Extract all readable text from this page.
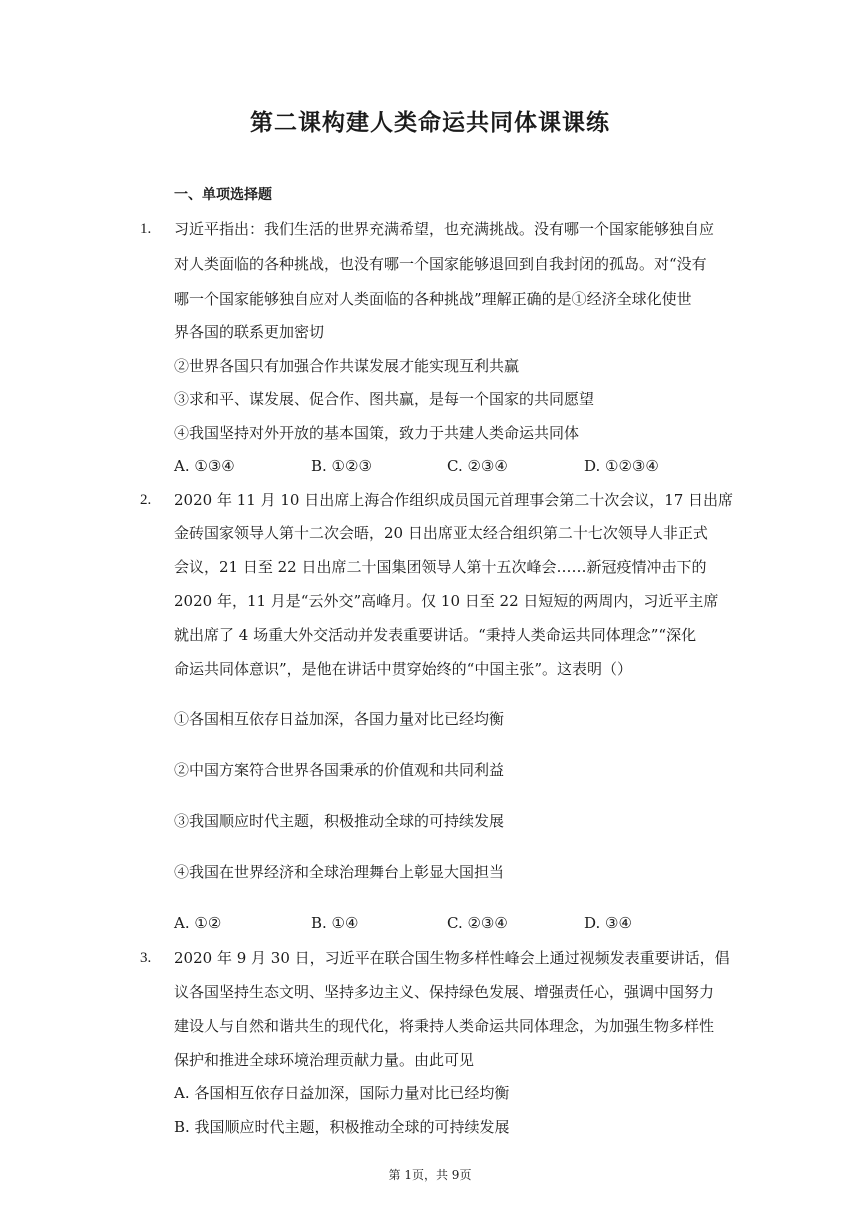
第二课构建人类命运共同体课课练
一、单项选择题
1. 习近平指出：我们生活的世界充满希望，也充满挑战。没有哪一个国家能够独自应
对人类面临的各种挑战，也没有哪一个国家能够退回到自我封闭的孤岛。对“没有
哪一个国家能够独自应对人类面临的各种挑战”理解正确的是①经济全球化使世
界各国的联系更加密切
②世界各国只有加强合作共谋发展才能实现互利共赢
③求和平、谋发展、促合作、图共赢，是每一个国家的共同愿望
④我国坚持对外开放的基本国策，致力于共建人类命运共同体
A. ①③④	B. ①②③	C. ②③④	D. ①②③④
2. 2020 年 11 月 10 日出席上海合作组织成员国元首理事会第二十次会议，17 日出席
金砖国家领导人第十二次会晤，20 日出席亚太经合组织第二十七次领导人非正式
会议，21 日至 22 日出席二十国集团领导人第十五次峰会……新冠疫情冲击下的
2020 年，11 月是“云外交”高峰月。仅 10 日至 22 日短短的两周内，习近平主席
就出席了 4 场重大外交活动并发表重要讲话。“秉持人类命运共同体理念”“深化
命运共同体意识”，是他在讲话中贯穿始终的“中国主张”。这表明（）
①各国相互依存日益加深，各国力量对比已经均衡
②中国方案符合世界各国秉承的价值观和共同利益
③我国顺应时代主题，积极推动全球的可持续发展
④我国在世界经济和全球治理舞台上彰显大国担当
A. ①②	B. ①④	C. ②③④	D. ③④
3. 2020 年 9 月 30 日，习近平在联合国生物多样性峰会上通过视频发表重要讲话，倡
议各国坚持生态文明、坚持多边主义、保持绿色发展、增强责任心，强调中国努力
建设人与自然和谐共生的现代化，将秉持人类命运共同体理念，为加强生物多样性
保护和推进全球环境治理贡献力量。由此可见
A. 各国相互依存日益加深，国际力量对比已经均衡
B. 我国顺应时代主题，积极推动全球的可持续发展
第 1页，共 9页
